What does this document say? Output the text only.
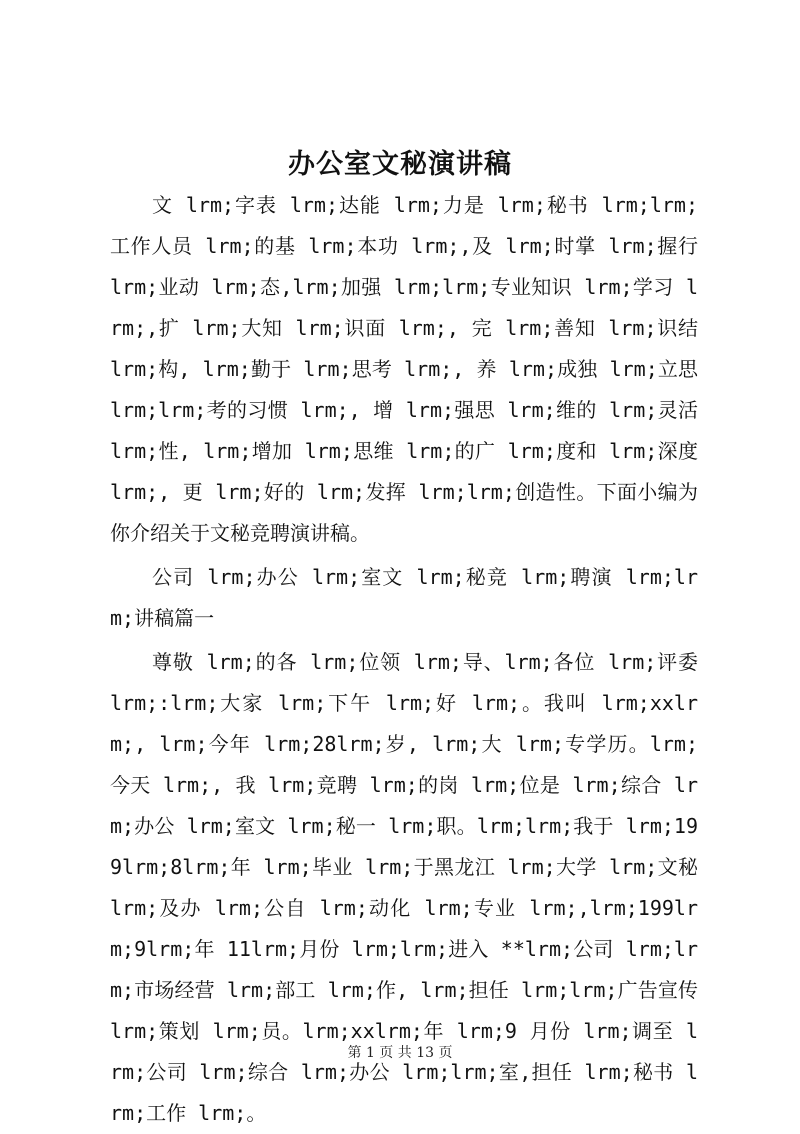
办公室文秘演讲稿

文 lrm;字表 lrm;达能 lrm;力是 lrm;秘书 lrm;lrm;工作人员 lrm;的基 lrm;本功 lrm;,及 lrm;时掌 lrm;握行 lrm;业动 lrm;态,lrm;加强 lrm;lrm;专业知识 lrm;学习 lrm;,扩 lrm;大知 lrm;识面 lrm;, 完 lrm;善知 lrm;识结 lrm;构, lrm;勤于 lrm;思考 lrm;, 养 lrm;成独 lrm;立思 lrm;lrm;考的习惯 lrm;, 增 lrm;强思 lrm;维的 lrm;灵活 lrm;性, lrm;增加 lrm;思维 lrm;的广 lrm;度和 lrm;深度 lrm;, 更 lrm;好的 lrm;发挥 lrm;lrm;创造性。下面小编为你介绍关于文秘竞聘演讲稿。

公司 lrm;办公 lrm;室文 lrm;秘竞 lrm;聘演 lrm;lrm;讲稿篇一

尊敬 lrm;的各 lrm;位领 lrm;导、lrm;各位 lrm;评委 lrm;:lrm;大家 lrm;下午 lrm;好 lrm;。我叫 lrm;xxlrm;, lrm;今年 lrm;28lrm;岁, lrm;大 lrm;专学历。lrm;今天 lrm;, 我 lrm;竞聘 lrm;的岗 lrm;位是 lrm;综合 lrm;办公 lrm;室文 lrm;秘一 lrm;职。lrm;lrm;我于 lrm;199lrm;8lrm;年 lrm;毕业 lrm;于黑龙江 lrm;大学 lrm;文秘 lrm;及办 lrm;公自 lrm;动化 lrm;专业 lrm;,lrm;199lrm;9lrm;年 11lrm;月份 lrm;lrm;进入 **lrm;公司 lrm;lrm;市场经营 lrm;部工 lrm;作, lrm;担任 lrm;lrm;广告宣传 lrm;策划 lrm;员。lrm;xxlrm;年 lrm;9 月份 lrm;调至 lrm;公司 lrm;综合 lrm;办公 lrm;lrm;室,担任 lrm;秘书 lrm;工作 lrm;。

第 1 页 共 13 页
